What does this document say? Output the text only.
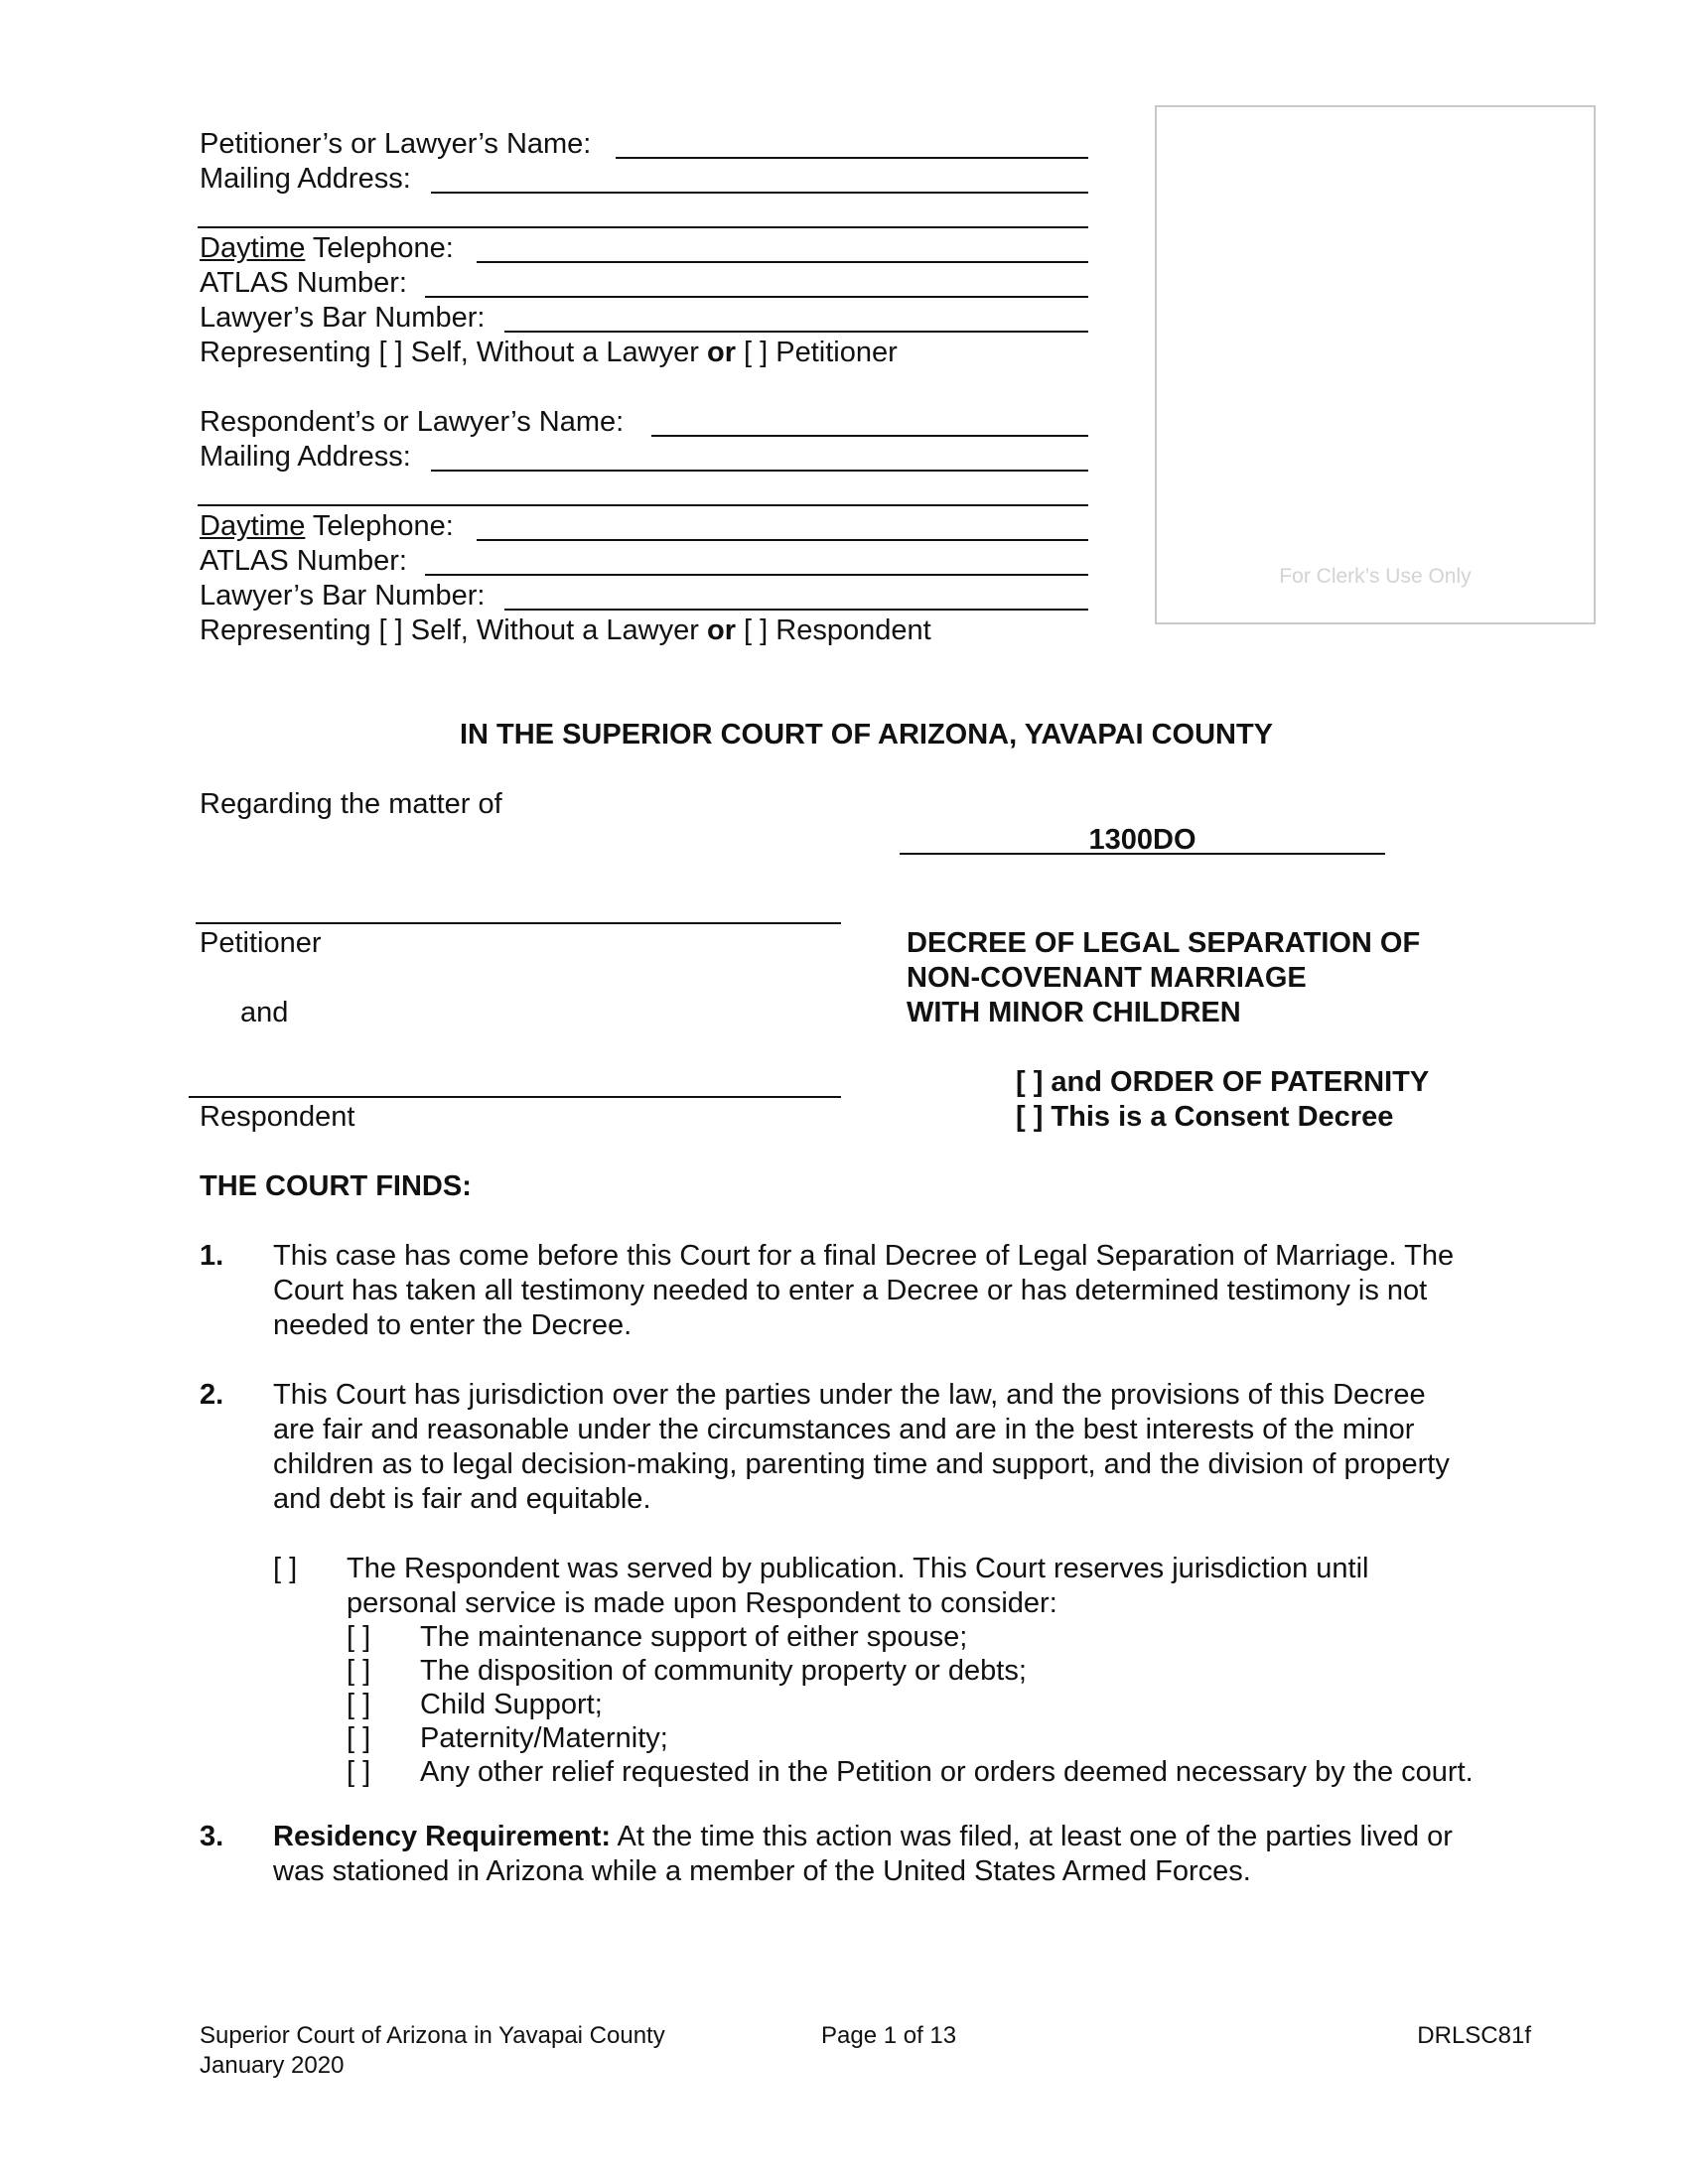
Petitioner’s or Lawyer’s Name:
Mailing Address:
Daytime Telephone:
ATLAS Number:
Lawyer’s Bar Number:
Representing [ ] Self, Without a Lawyer or [ ] Petitioner
Respondent’s or Lawyer’s Name:
Mailing Address:
Daytime Telephone:
ATLAS Number:
Lawyer’s Bar Number:
Representing [ ] Self, Without a Lawyer or [ ] Respondent
For Clerk’s Use Only
IN THE SUPERIOR COURT OF ARIZONA, YAVAPAI COUNTY
Regarding the matter of
Petitioner
and
Respondent
1300DO
DECREE OF LEGAL SEPARATION OF
NON-COVENANT MARRIAGE
WITH MINOR CHILDREN
[ ] and ORDER OF PATERNITY
[ ] This is a Consent Decree
THE COURT FINDS:
1. This case has come before this Court for a final Decree of Legal Separation of Marriage. The
Court has taken all testimony needed to enter a Decree or has determined testimony is not
needed to enter the Decree.
2. This Court has jurisdiction over the parties under the law, and the provisions of this Decree
are fair and reasonable under the circumstances and are in the best interests of the minor
children as to legal decision-making, parenting time and support, and the division of property
and debt is fair and equitable.
[ ] The Respondent was served by publication. This Court reserves jurisdiction until
personal service is made upon Respondent to consider:
[ ] The maintenance support of either spouse;
[ ] The disposition of community property or debts;
[ ] Child Support;
[ ] Paternity/Maternity;
[ ] Any other relief requested in the Petition or orders deemed necessary by the court.
3. Residency Requirement: At the time this action was filed, at least one of the parties lived or
was stationed in Arizona while a member of the United States Armed Forces.
Superior Court of Arizona in Yavapai County
January 2020
Page 1 of 13	DRLSC81f
